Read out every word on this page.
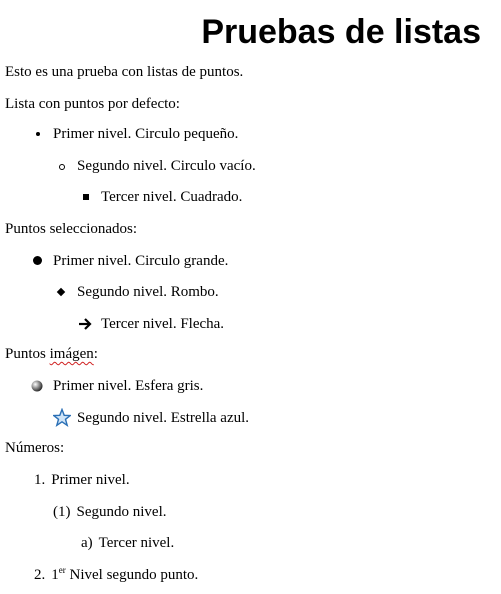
Pruebas de listas
Esto es una prueba con listas de puntos.
Lista con puntos por defecto:
Primer nivel. Circulo pequeño.
Segundo nivel. Circulo vacío.
Tercer nivel. Cuadrado.
Puntos seleccionados:
Primer nivel. Circulo grande.
Segundo nivel. Rombo.
Tercer nivel. Flecha.
Puntos imágen:
Primer nivel. Esfera gris.
Segundo nivel. Estrella azul.
Números:
1. Primer nivel.
(1) Segundo nivel.
a) Tercer nivel.
2. 1er Nivel segundo punto.
